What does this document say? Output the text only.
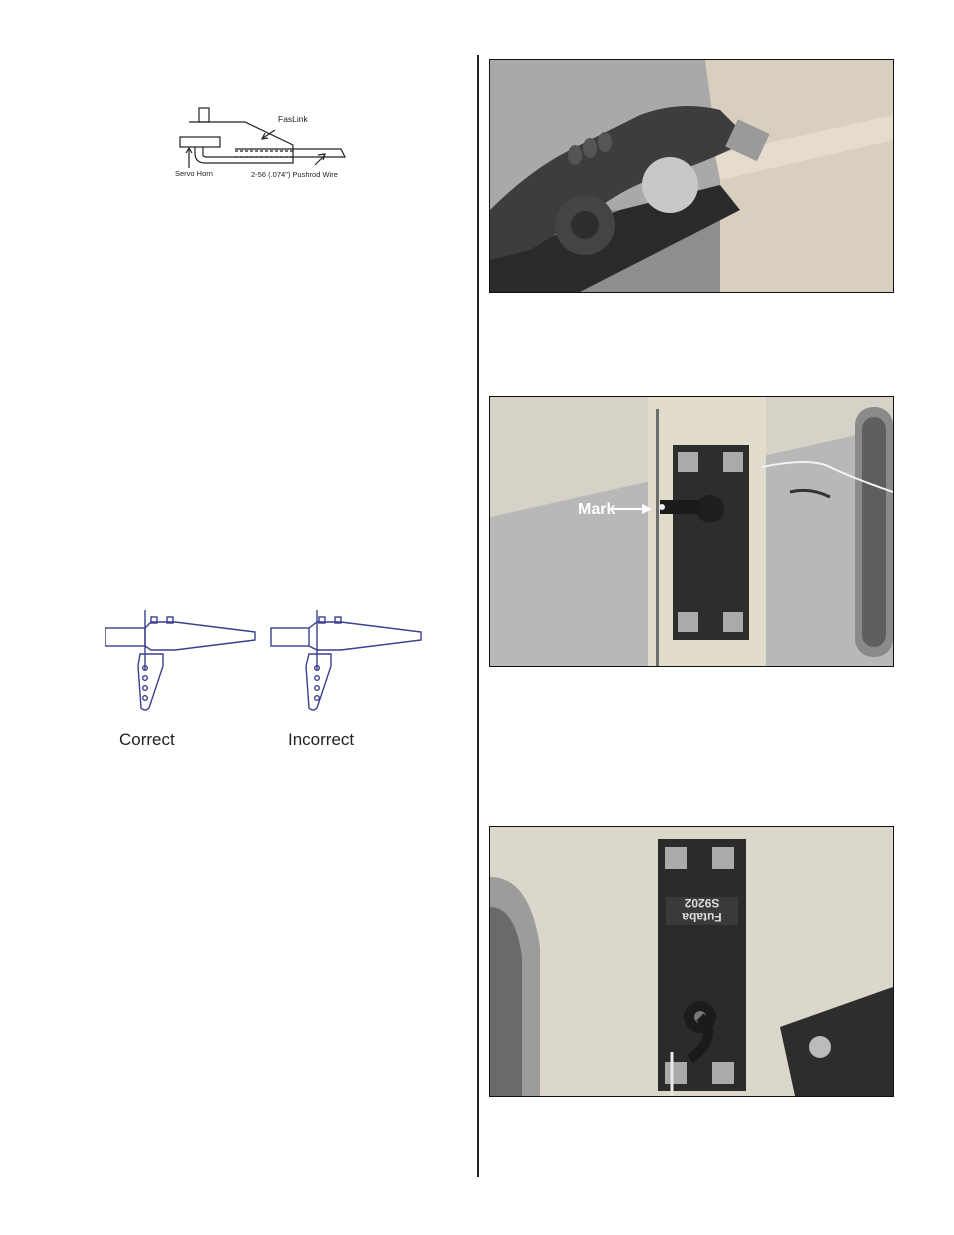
FasLink
Servo Horn	2-56 (.074") Pushrod Wire
Correct	Incorrect
Mark
Futaba
S9202
